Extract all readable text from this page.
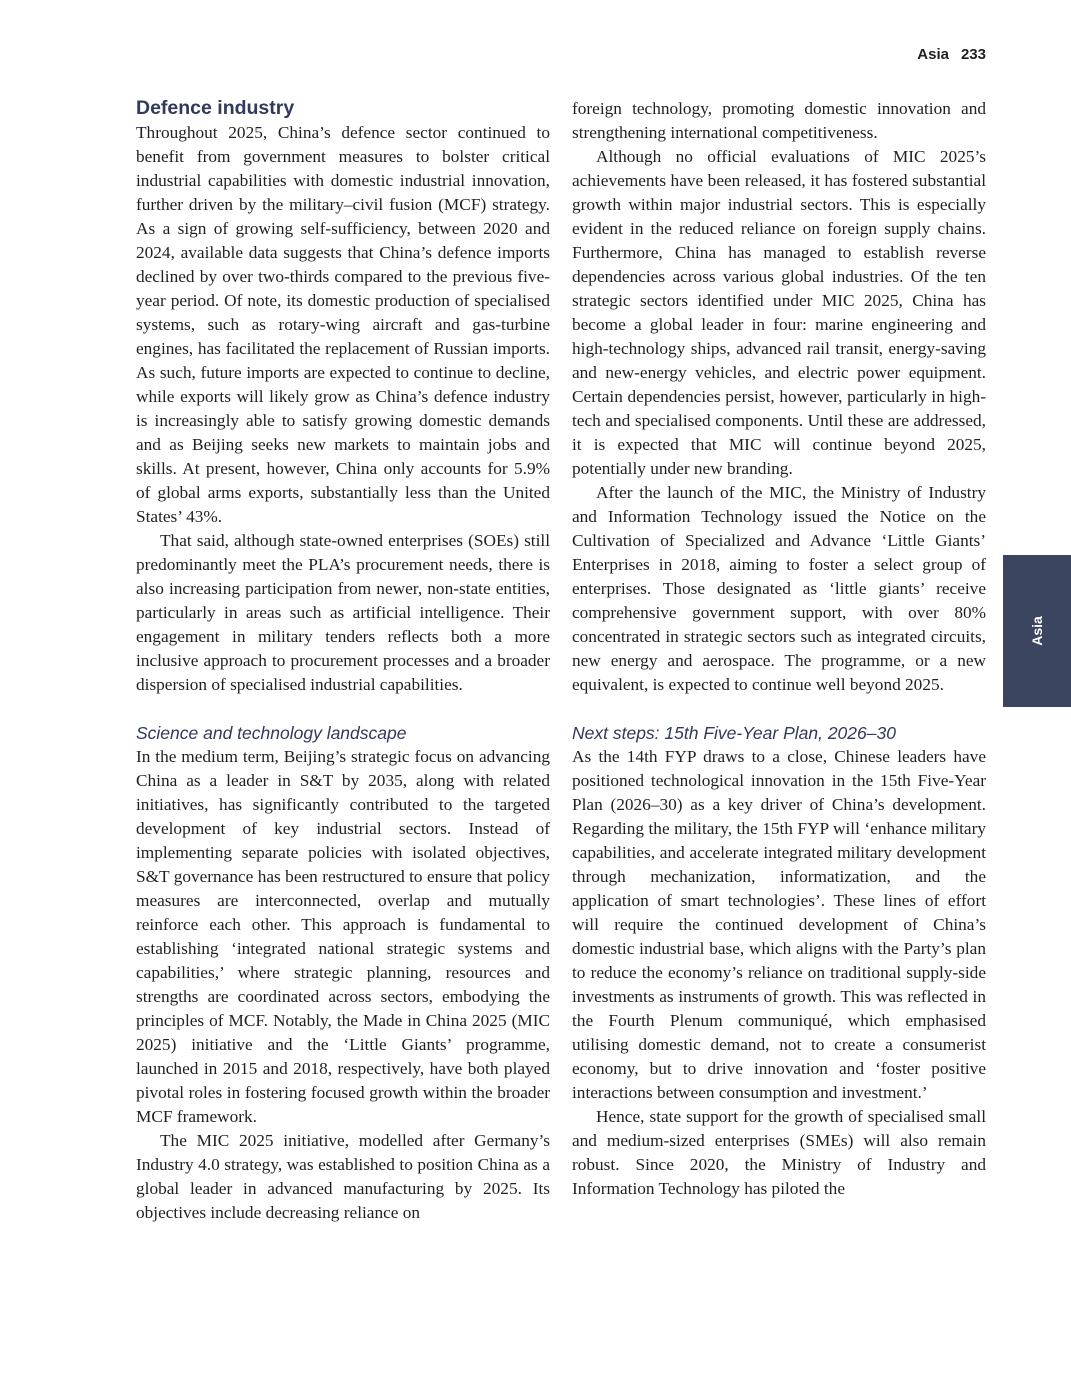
Asia 233
Defence industry

Throughout 2025, China’s defence sector continued to benefit from government measures to bolster critical industrial capabilities with domestic industrial innovation, further driven by the military–civil fusion (MCF) strategy. As a sign of growing self-sufficiency, between 2020 and 2024, available data suggests that China’s defence imports declined by over two-thirds compared to the previous five-year period. Of note, its domestic production of specialised systems, such as rotary-wing aircraft and gas-turbine engines, has facilitated the replacement of Russian imports. As such, future imports are expected to continue to decline, while exports will likely grow as China’s defence industry is increasingly able to satisfy growing domestic demands and as Beijing seeks new markets to maintain jobs and skills. At present, however, China only accounts for 5.9% of global arms exports, substantially less than the United States’ 43%.

That said, although state-owned enterprises (SOEs) still predominantly meet the PLA’s procurement needs, there is also increasing participation from newer, non-state entities, particularly in areas such as artificial intelligence. Their engagement in military tenders reflects both a more inclusive approach to procurement processes and a broader dispersion of specialised industrial capabilities.

Science and technology landscape

In the medium term, Beijing’s strategic focus on advancing China as a leader in S&T by 2035, along with related initiatives, has significantly contributed to the targeted development of key industrial sectors. Instead of implementing separate policies with isolated objectives, S&T governance has been restructured to ensure that policy measures are interconnected, overlap and mutually reinforce each other. This approach is fundamental to establishing ‘integrated national strategic systems and capabilities,’ where strategic planning, resources and strengths are coordinated across sectors, embodying the principles of MCF. Notably, the Made in China 2025 (MIC 2025) initiative and the ‘Little Giants’ programme, launched in 2015 and 2018, respectively, have both played pivotal roles in fostering focused growth within the broader MCF framework.

The MIC 2025 initiative, modelled after Germany’s Industry 4.0 strategy, was established to position China as a global leader in advanced manufacturing by 2025. Its objectives include decreasing reliance on

foreign technology, promoting domestic innovation and strengthening international competitiveness.

Although no official evaluations of MIC 2025’s achievements have been released, it has fostered substantial growth within major industrial sectors. This is especially evident in the reduced reliance on foreign supply chains. Furthermore, China has managed to establish reverse dependencies across various global industries. Of the ten strategic sectors identified under MIC 2025, China has become a global leader in four: marine engineering and high-technology ships, advanced rail transit, energy-saving and new-energy vehicles, and electric power equipment. Certain dependencies persist, however, particularly in high-tech and specialised components. Until these are addressed, it is expected that MIC will continue beyond 2025, potentially under new branding.

After the launch of the MIC, the Ministry of Industry and Information Technology issued the Notice on the Cultivation of Specialized and Advance ‘Little Giants’ Enterprises in 2018, aiming to foster a select group of enterprises. Those designated as ‘little giants’ receive comprehensive government support, with over 80% concentrated in strategic sectors such as integrated circuits, new energy and aerospace. The programme, or a new equivalent, is expected to continue well beyond 2025.

Next steps: 15th Five-Year Plan, 2026–30

As the 14th FYP draws to a close, Chinese leaders have positioned technological innovation in the 15th Five-Year Plan (2026–30) as a key driver of China’s development. Regarding the military, the 15th FYP will ‘enhance military capabilities, and accelerate integrated military development through mechanization, informatization, and the application of smart technologies’. These lines of effort will require the continued development of China’s domestic industrial base, which aligns with the Party’s plan to reduce the economy’s reliance on traditional supply-side investments as instruments of growth. This was reflected in the Fourth Plenum communiqué, which emphasised utilising domestic demand, not to create a consumerist economy, but to drive innovation and ‘foster positive interactions between consumption and investment.’

Hence, state support for the growth of specialised small and medium-sized enterprises (SMEs) will also remain robust. Since 2020, the Ministry of Industry and Information Technology has piloted the

Asia
